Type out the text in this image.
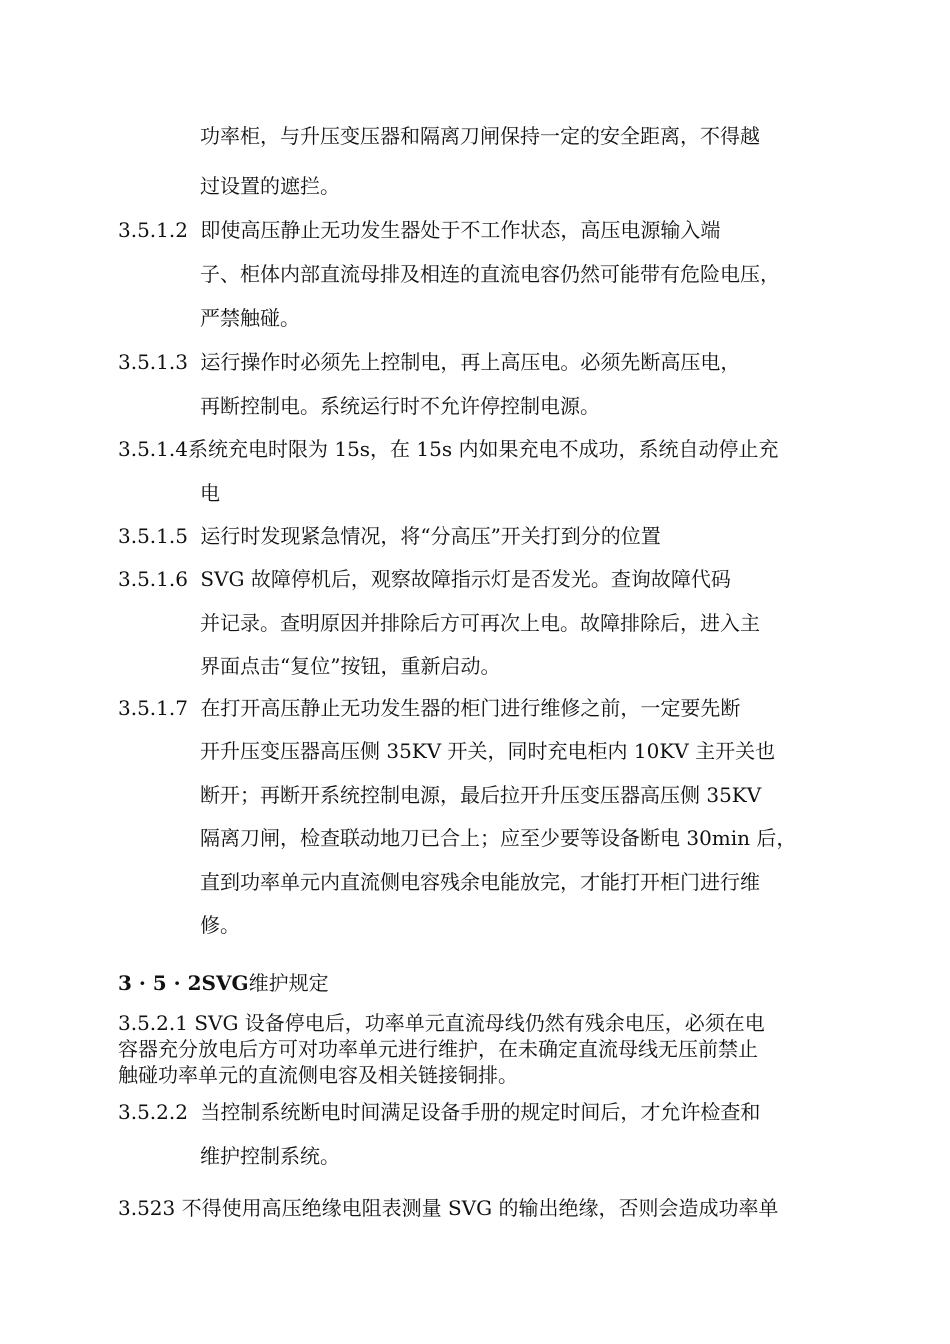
功率柜，与升压变压器和隔离刀闸保持一定的安全距离，不得越
过设置的遮拦。
3.5.1.2 即使高压静止无功发生器处于不工作状态，高压电源输入端
子、柜体内部直流母排及相连的直流电容仍然可能带有危险电压，
严禁触碰。
3.5.1.3 运行操作时必须先上控制电，再上高压电。必须先断高压电，
再断控制电。系统运行时不允许停控制电源。
3.5.1.4系统充电时限为 15s，在 15s 内如果充电不成功，系统自动停止充
电
3.5.1.5 运行时发现紧急情况，将“分高压”开关打到分的位置
3.5.1.6 SVG 故障停机后，观察故障指示灯是否发光。查询故障代码
并记录。查明原因并排除后方可再次上电。故障排除后，进入主
界面点击“复位”按钮，重新启动。
3.5.1.7 在打开高压静止无功发生器的柜门进行维修之前，一定要先断
开升压变压器高压侧 35KV 开关，同时充电柜内 10KV 主开关也
断开；再断开系统控制电源，最后拉开升压变压器高压侧 35KV
隔离刀闸，检查联动地刀已合上；应至少要等设备断电 30min 后，
直到功率单元内直流侧电容残余电能放完，才能打开柜门进行维
修。
3 · 5 · 2SVG维护规定
3.5.2.1 SVG 设备停电后，功率单元直流母线仍然有残余电压，必须在电
容器充分放电后方可对功率单元进行维护，在未确定直流母线无压前禁止
触碰功率单元的直流侧电容及相关链接铜排。
3.5.2.2 当控制系统断电时间满足设备手册的规定时间后，才允许检查和
维护控制系统。
3.523 不得使用高压绝缘电阻表测量 SVG 的输出绝缘，否则会造成功率单
